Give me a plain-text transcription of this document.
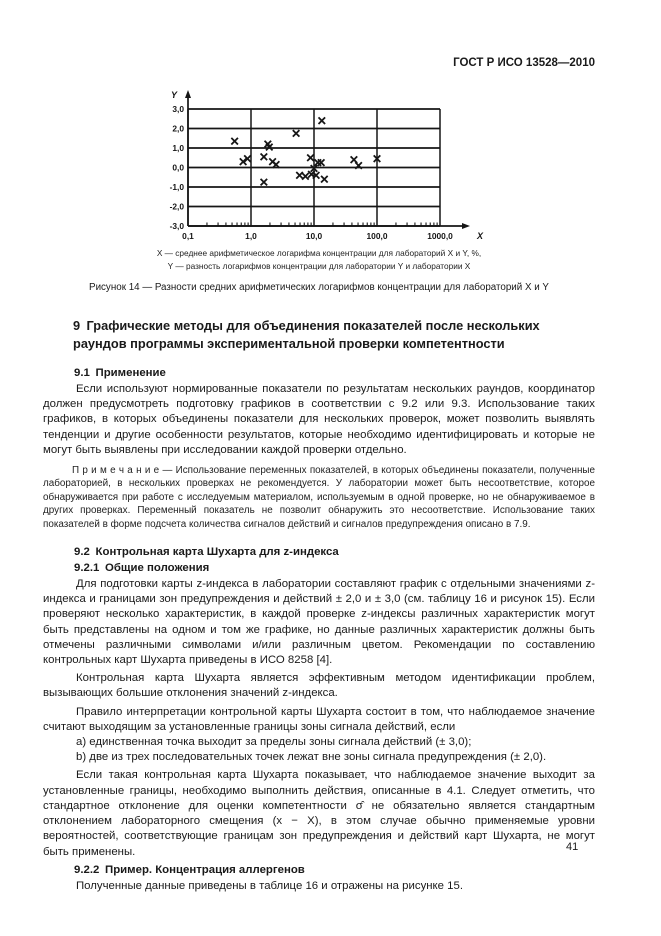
ГОСТ Р ИСО 13528—2010
3,0
2,0
1,0
0,0
-1,0
-2,0
-3,0
0,1	1,0	10,0	100,0	1000,0
Y
X
X — среднее арифметическое логарифма концентрации для лабораторий X и Y, %,
Y — разность логарифмов концентрации для лаборатории Y и лаборатории X
Рисунок 14 — Разности средних арифметических логарифмов концентрации для лабораторий X и Y
9 Графические методы для объединения показателей после нескольких раундов программы экспериментальной проверки компетентности
9.1 Применение

Если используют нормированные показатели по результатам нескольких раундов, координатор должен предусмотреть подготовку графиков в соответствии с 9.2 или 9.3. Использование таких графиков, в которых объединены показатели для нескольких проверок, может позволить выявлять тенденции и другие особенности результатов, которые необходимо идентифицировать и которые не могут быть выявлены при исследовании каждой проверки отдельно.

П р и м е ч а н и е — Использование переменных показателей, в которых объединены показатели, полученные лабораторией, в нескольких проверках не рекомендуется. У лаборатории может быть несоответствие, которое обнаруживается при работе с исследуемым материалом, используемым в одной проверке, но не обнаруживаемое в других проверках. Переменный показатель не позволит обнаружить это несоответствие. Использование таких показателей в форме подсчета количества сигналов действий и сигналов предупреждения описано в 7.9.

9.2 Контрольная карта Шухарта для z-индекса
9.2.1 Общие положения

Для подготовки карты z-индекса в лаборатории составляют график с отдельными значениями z-индекса и границами зон предупреждения и действий ± 2,0 и ± 3,0 (см. таблицу 16 и рисунок 15). Если проверяют несколько характеристик, в каждой проверке z-индексы различных характеристик могут быть представлены на одном и том же графике, но данные различных характеристик должны быть отмечены различными символами и/или различным цветом. Рекомендации по составлению контрольных карт Шухарта приведены в ИСО 8258 [4].

Контрольная карта Шухарта является эффективным методом идентификации проблем, вызывающих большие отклонения значений z-индекса.

Правило интерпретации контрольной карты Шухарта состоит в том, что наблюдаемое значение считают выходящим за установленные границы зоны сигнала действий, если

а) единственная точка выходит за пределы зоны сигнала действий (± 3,0);

b) две из трех последовательных точек лежат вне зоны сигнала предупреждения (± 2,0).

Если такая контрольная карта Шухарта показывает, что наблюдаемое значение выходит за установленные границы, необходимо выполнить действия, описанные в 4.1. Следует отметить, что стандартное отклонение для оценки компетентности σ̂ не обязательно является стандартным отклонением лабораторного смещения (x − X), в этом случае обычно применяемые уровни вероятностей, соответствующие границам зон предупреждения и действий карт Шухарта, не могут быть применены.

9.2.2 Пример. Концентрация аллергенов

Полученные данные приведены в таблице 16 и отражены на рисунке 15.

41
